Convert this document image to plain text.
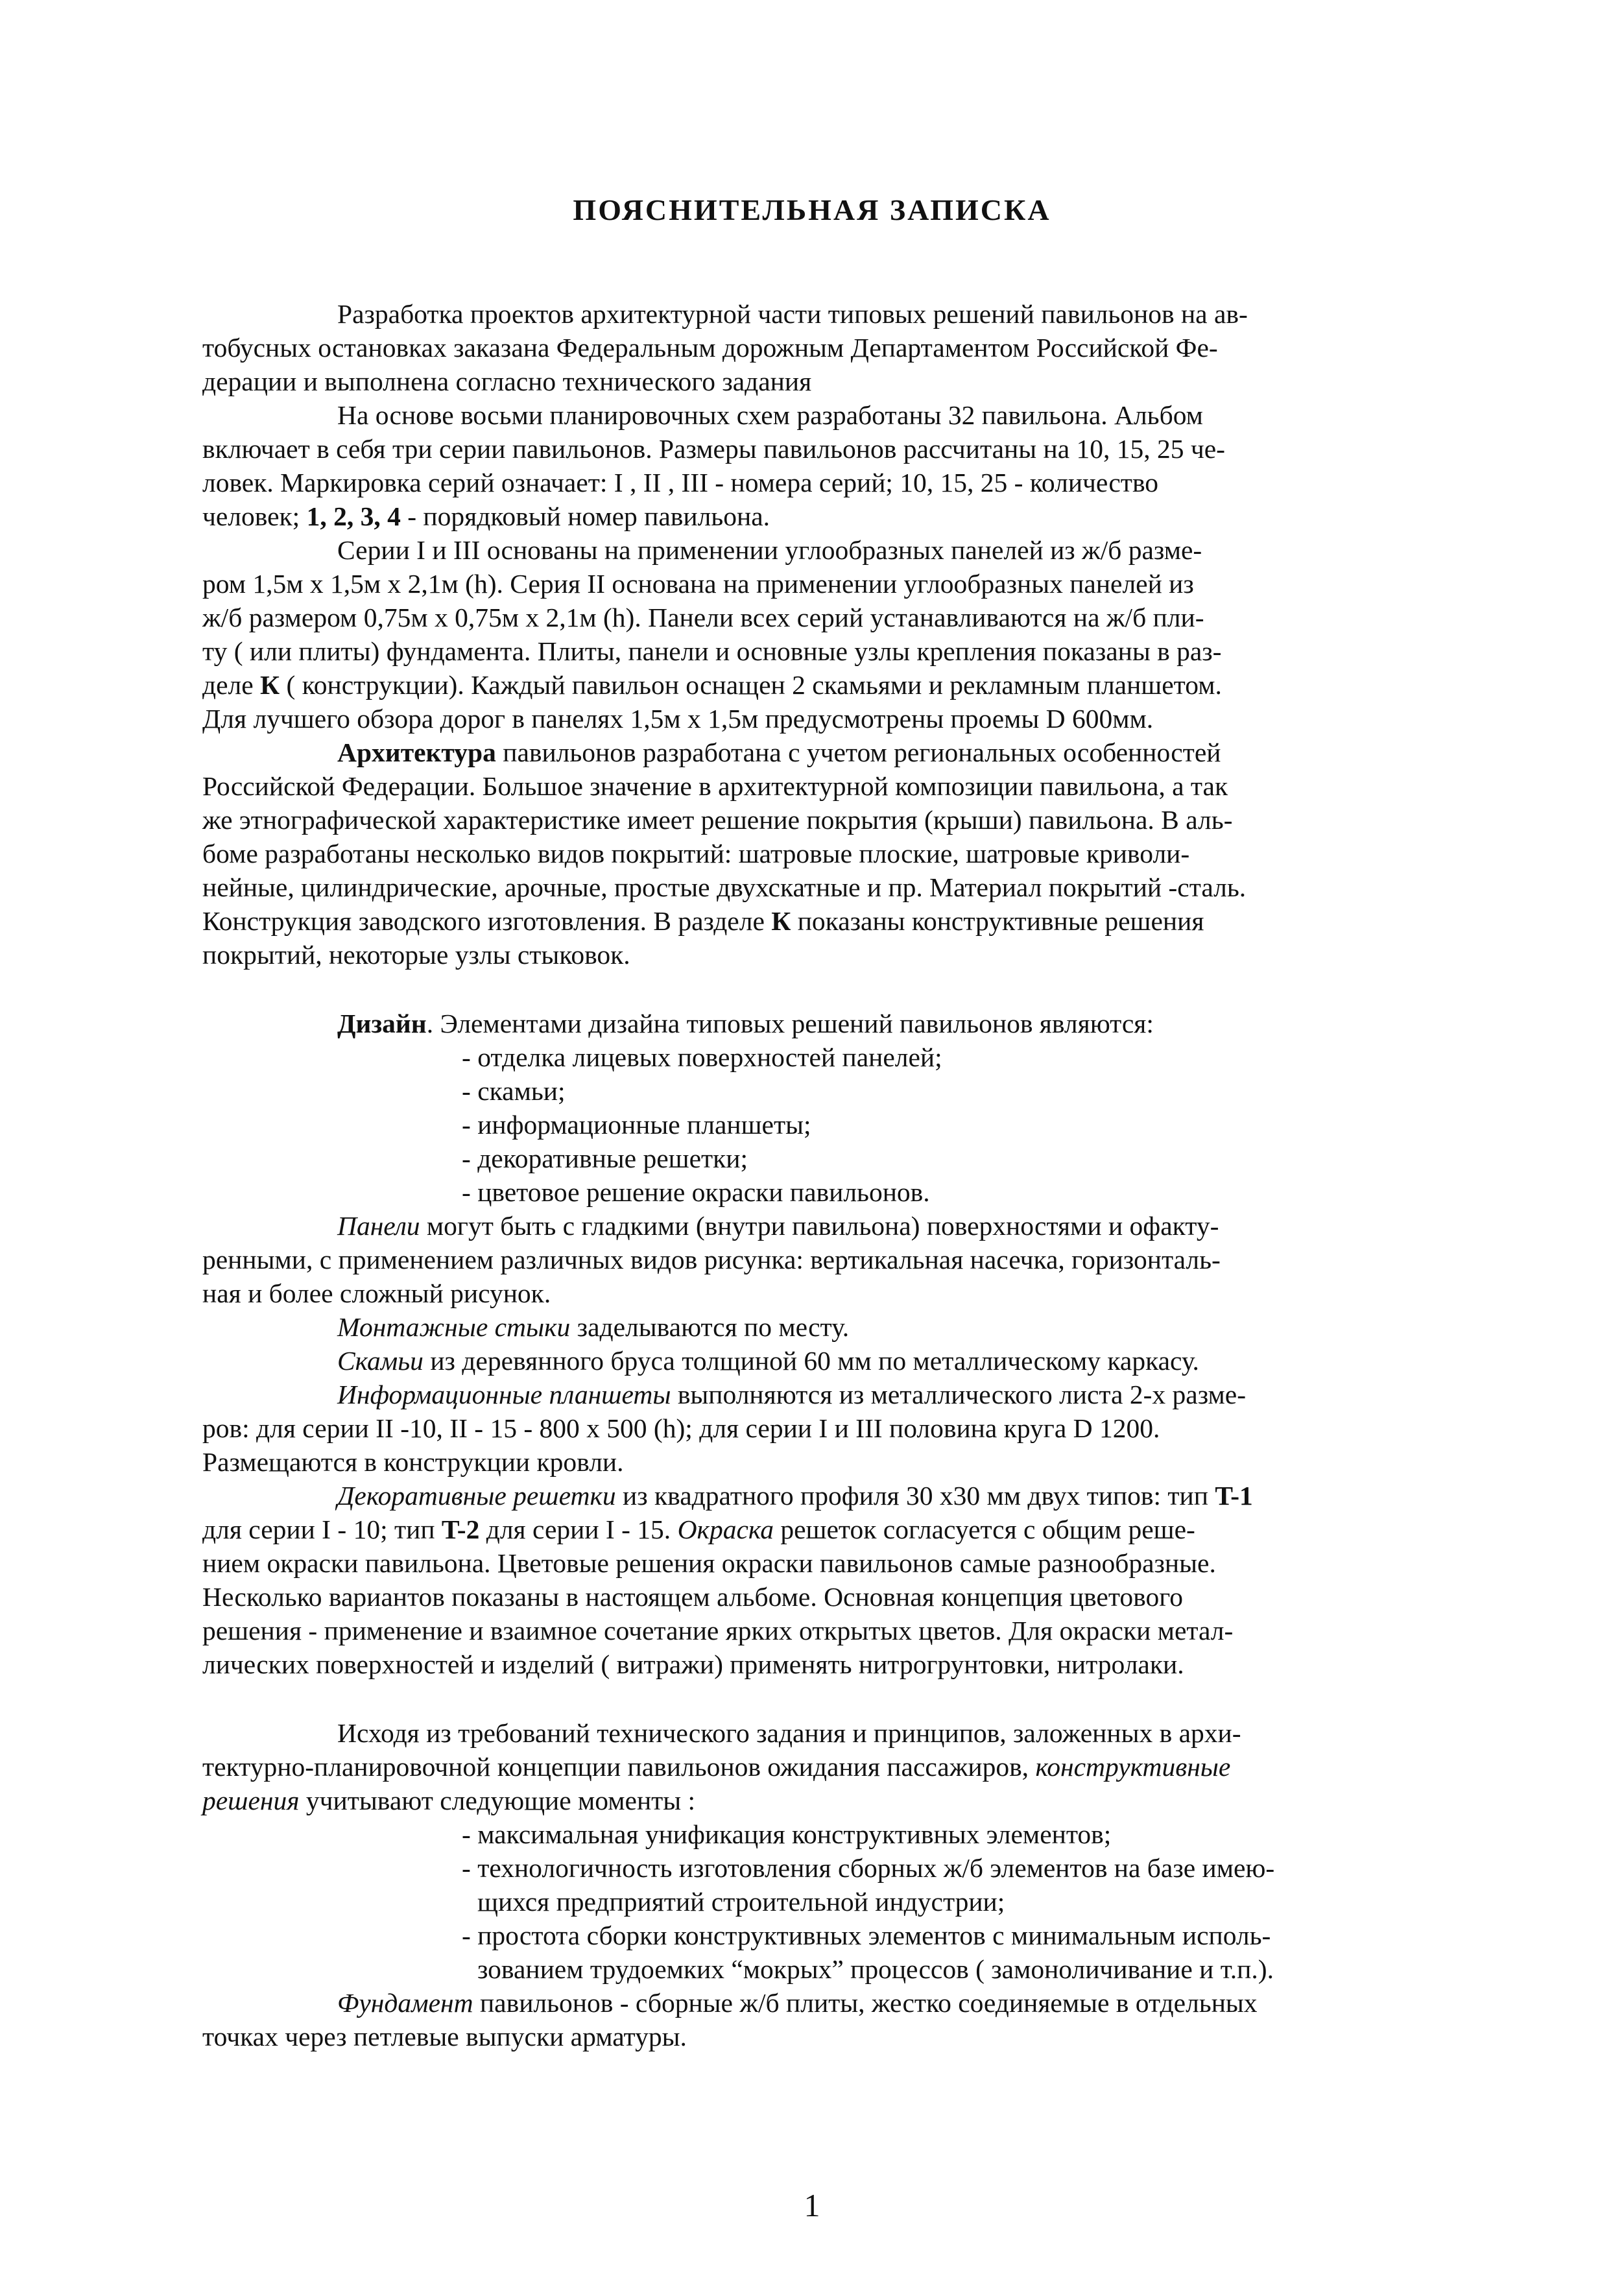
ПОЯСНИТЕЛЬНАЯ ЗАПИСКА
Разработка проектов архитектурной части типовых решений павильонов на ав-
тобусных остановках заказана Федеральным дорожным Департаментом Российской Фе-
дерации и выполнена согласно технического задания
На основе восьми планировочных схем разработаны 32 павильона. Альбом
включает в себя три серии павильонов. Размеры павильонов рассчитаны на 10, 15, 25 че-
ловек. Маркировка серий означает: I , II , III - номера серий; 10, 15, 25 - количество
человек; 1, 2, 3, 4 - порядковый номер павильона.
Серии I и III основаны на применении углообразных панелей из ж/б разме-
ром 1,5м x 1,5м x 2,1м (h). Серия II основана на применении углообразных панелей из
ж/б размером 0,75м x 0,75м x 2,1м (h). Панели всех серий устанавливаются на ж/б пли-
ту ( или плиты) фундамента. Плиты, панели и основные узлы крепления показаны в раз-
деле К ( конструкции). Каждый павильон оснащен 2 скамьями и рекламным планшетом.
Для лучшего обзора дорог в панелях 1,5м x 1,5м предусмотрены проемы D 600мм.
Архитектура павильонов разработана с учетом региональных особенностей
Российской Федерации. Большое значение в архитектурной композиции павильона, а так
же этнографической характеристике имеет решение покрытия (крыши) павильона. В аль-
боме разработаны несколько видов покрытий: шатровые плоские, шатровые криволи-
нейные, цилиндрические, арочные, простые двухскатные и пр. Материал покрытий -сталь.
Конструкция заводского изготовления. В разделе К показаны конструктивные решения
покрытий, некоторые узлы стыковок.
Дизайн. Элементами дизайна типовых решений павильонов являются:
- отделка лицевых поверхностей панелей;
- скамьи;
- информационные планшеты;
- декоративные решетки;
- цветовое решение окраски павильонов.
Панели могут быть с гладкими (внутри павильона) поверхностями и офакту-
ренными, с применением различных видов рисунка: вертикальная насечка, горизонталь-
ная и более сложный рисунок.
Монтажные стыки заделываются по месту.
Скамьи из деревянного бруса толщиной 60 мм по металлическому каркасу.
Информационные планшеты выполняются из металлического листа 2-х разме-
ров: для серии II -10, II - 15 - 800 x 500 (h); для серии I и III половина круга D 1200.
Размещаются в конструкции кровли.
Декоративные решетки из квадратного профиля 30 x30 мм двух типов: тип T-1
для серии I - 10; тип T-2 для серии I - 15. Окраска решеток согласуется с общим реше-
нием окраски павильона. Цветовые решения окраски павильонов самые разнообразные.
Несколько вариантов показаны в настоящем альбоме. Основная концепция цветового
решения - применение и взаимное сочетание ярких открытых цветов. Для окраски метал-
лических поверхностей и изделий ( витражи) применять нитрогрунтовки, нитролаки.
Исходя из требований технического задания и принципов, заложенных в архи-
тектурно-планировочной концепции павильонов ожидания пассажиров, конструктивные
решения учитывают следующие моменты :
- максимальная унификация конструктивных элементов;
- технологичность изготовления сборных ж/б элементов на базе имею-
щихся предприятий строительной индустрии;
- простота сборки конструктивных элементов с минимальным исполь-
зованием трудоемких “мокрых” процессов ( замоноличивание и т.п.).
Фундамент павильонов - сборные ж/б плиты, жестко соединяемые в отдельных
точках через петлевые выпуски арматуры.
1
